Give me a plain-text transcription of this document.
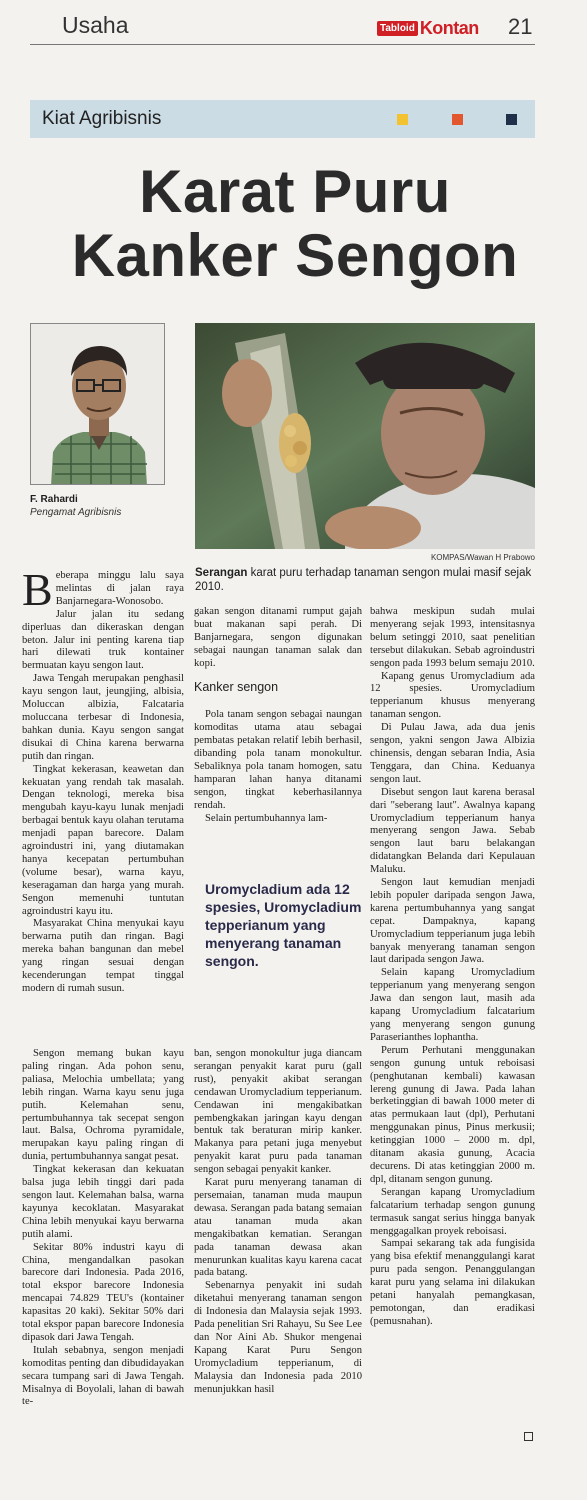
Usaha	Tabloid Kontan 21
Kiat Agribisnis
Karat Puru
Kanker Sengon
F. Rahardi
Pengamat Agribisnis
KOMPAS/Wawan H Prabowo
Serangan karat puru terhadap tanaman sengon mulai masif sejak 2010.

Beberapa minggu lalu saya melintas di jalan raya Banjarnegara-Wonosobo. Jalur jalan itu sedang diperluas dan dikeraskan dengan beton. Jalur ini penting karena tiap hari dilewati truk kontainer bermuatan kayu sengon laut.

Jawa Tengah merupakan penghasil kayu sengon laut, jeungjing, albisia, Moluccan albizia, Falcataria moluccana terbesar di Indonesia, bahkan dunia. Kayu sengon sangat disukai di China karena berwarna putih dan ringan.

Tingkat kekerasan, keawetan dan kekuatan yang rendah tak masalah. Dengan teknologi, mereka bisa mengubah kayu-kayu lunak menjadi berbagai bentuk kayu olahan terutama menjadi papan barecore. Dalam agroindustri ini, yang diutamakan hanya kecepatan pertumbuhan (volume besar), warna kayu, keseragaman dan harga yang murah. Sengon memenuhi tuntutan agroindustri kayu itu.

Masyarakat China menyukai kayu berwarna putih dan ringan. Bagi mereka bahan bangunan dan mebel yang ringan sesuai dengan kecenderungan tempat tinggal modern di rumah susun.

Sengon memang bukan kayu paling ringan. Ada pohon senu, paliasa, Melochia umbellata; yang lebih ringan. Warna kayu senu juga putih. Kelemahan senu, pertumbuhannya tak secepat sengon laut. Balsa, Ochroma pyramidale, merupakan kayu paling ringan di dunia, pertumbuhannya sangat pesat.

Tingkat kekerasan dan kekuatan balsa juga lebih tinggi dari pada sengon laut. Kelemahan balsa, warna kayunya kecoklatan. Masyarakat China lebih menyukai kayu berwarna putih alami.

Sekitar 80% industri kayu di China, mengandalkan pasokan barecore dari Indonesia. Pada 2016, total ekspor barecore Indonesia mencapai 74.829 TEU's (kontainer kapasitas 20 kaki). Sekitar 50% dari total ekspor papan barecore Indonesia dipasok dari Jawa Tengah.

Itulah sebabnya, sengon menjadi komoditas penting dan dibudidayakan secara tumpang sari di Jawa Tengah. Misalnya di Boyolali, lahan di bawah te-

gakan sengon ditanami rumput gajah buat makanan sapi perah. Di Banjarnegara, sengon digunakan sebagai naungan tanaman salak dan kopi.

Kanker sengon

Pola tanam sengon sebagai naungan komoditas utama atau sebagai pembatas petakan relatif lebih berhasil, dibanding pola tanam monokultur. Sebaliknya pola tanam homogen, satu hamparan lahan hanya ditanami sengon, tingkat keberhasilannya rendah.

Selain pertumbuhannya lam-

Uromycladium ada 12 spesies, Uromycladium tepperianum yang menyerang tanaman sengon.

ban, sengon monokultur juga diancam serangan penyakit karat puru (gall rust), penyakit akibat serangan cendawan Uromycladium tepperianum. Cendawan ini mengakibatkan pembengkakan jaringan kayu dengan bentuk tak beraturan mirip kanker. Makanya para petani juga menyebut penyakit karat puru pada tanaman sengon sebagai penyakit kanker.

Karat puru menyerang tanaman di persemaian, tanaman muda maupun dewasa. Serangan pada batang semaian atau tanaman muda akan mengakibatkan kematian. Serangan pada tanaman dewasa akan menurunkan kualitas kayu karena cacat pada batang.

Sebenarnya penyakit ini sudah diketahui menyerang tanaman sengon di Indonesia dan Malaysia sejak 1993. Pada penelitian Sri Rahayu, Su See Lee dan Nor Aini Ab. Shukor mengenai Kapang Karat Puru Sengon Uromycladium tepperianum, di Malaysia dan Indonesia pada 2010 menunjukkan hasil

bahwa meskipun sudah mulai menyerang sejak 1993, intensitasnya belum setinggi 2010, saat penelitian tersebut dilakukan. Sebab agroindustri sengon pada 1993 belum semaju 2010.

Kapang genus Uromycladium ada 12 spesies. Uromycladium tepperianum khusus menyerang tanaman sengon.

Di Pulau Jawa, ada dua jenis sengon, yakni sengon Jawa Albizia chinensis, dengan sebaran India, Asia Tenggara, dan China. Keduanya sengon laut.

Disebut sengon laut karena berasal dari "seberang laut". Awalnya kapang Uromycladium tepperianum hanya menyerang sengon Jawa. Sebab sengon laut baru belakangan didatangkan Belanda dari Kepulauan Maluku.

Sengon laut kemudian menjadi lebih populer daripada sengon Jawa, karena pertumbuhannya yang sangat cepat. Dampaknya, kapang Uromycladium tepperianum juga lebih banyak menyerang tanaman sengon laut daripada sengon Jawa.

Selain kapang Uromycladium tepperianum yang menyerang sengon Jawa dan sengon laut, masih ada kapang Uromycladium falcatarium yang menyerang sengon gunung Paraserianthes lophantha.

Perum Perhutani menggunakan sengon gunung untuk reboisasi (penghutanan kembali) kawasan lereng gunung di Jawa. Pada lahan berketinggian di bawah 1000 meter di atas permukaan laut (dpl), Perhutani menggunakan pinus, Pinus merkusii; ketinggian 1000 – 2000 m. dpl, ditanam akasia gunung, Acacia decurens. Di atas ketinggian 2000 m. dpl, ditanam sengon gunung.

Serangan kapang Uromycladium falcatarium terhadap sengon gunung termasuk sangat serius hingga banyak menggagalkan proyek reboisasi.

Sampai sekarang tak ada fungisida yang bisa efektif menanggulangi karat puru pada sengon. Penanggulangan karat puru yang selama ini dilakukan petani hanyalah pemangkasan, pemotongan, dan eradikasi (pemusnahan).
